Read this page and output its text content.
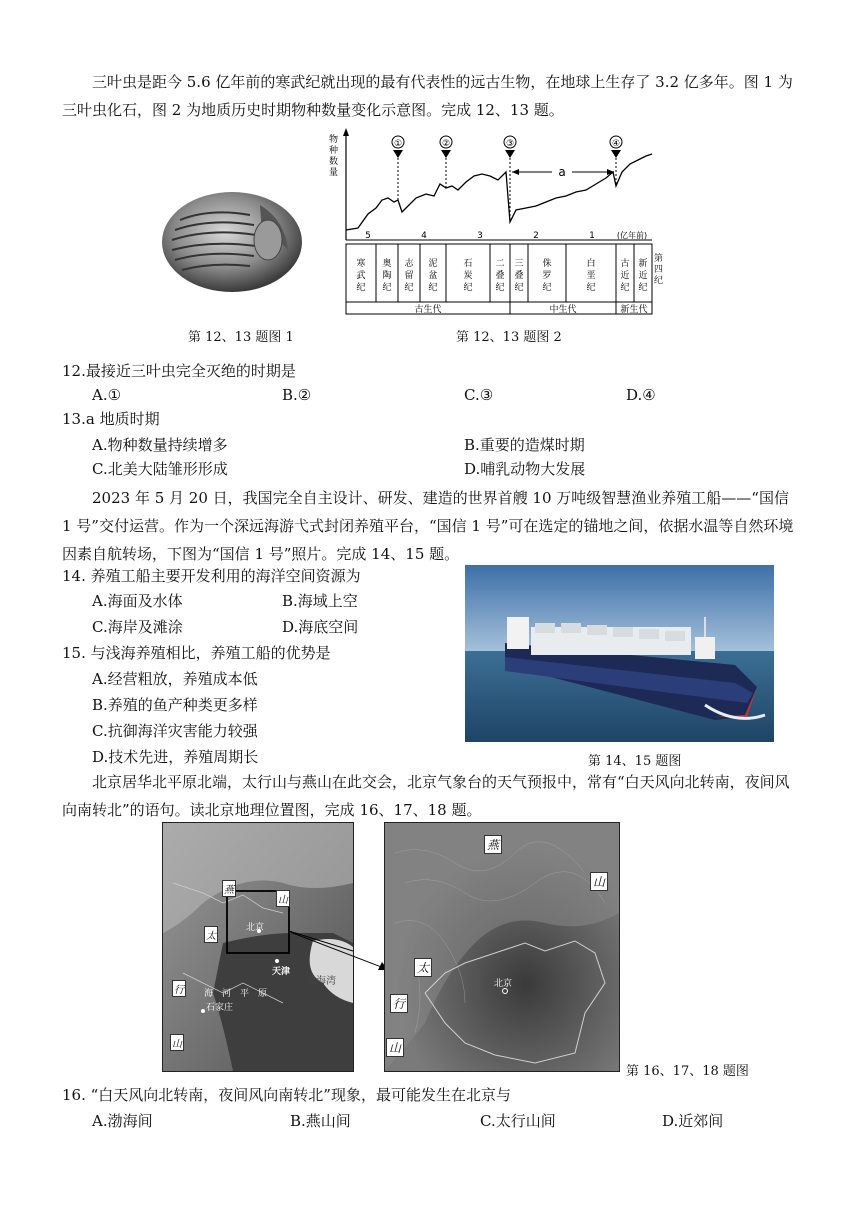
三叶虫是距今 5.6 亿年前的寒武纪就出现的最有代表性的远古生物，在地球上生存了 3.2 亿多年。图 1 为三叶虫化石，图 2 为地质历史时期物种数量变化示意图。完成 12、13 题。
第 12、13 题图 1
物
种
数
量
①	②	③	④
a
5	4	3	2	1	(亿年前)
寒
武
纪
奥
陶
纪
志
留
纪
泥
盆
纪
石
炭
纪
二
叠
纪
三
叠
纪
侏
罗
纪
白
垩
纪
古
近
纪
新
近
纪
古生代	中生代	新生代
第
四
纪
第 12、13 题图 2
12.最接近三叶虫完全灭绝的时期是
A.①	B.②	C.③	D.④
13.a 地质时期
A.物种数量持续增多	B.重要的造煤时期
C.北美大陆雏形形成	D.哺乳动物大发展
2023 年 5 月 20 日，我国完全自主设计、研发、建造的世界首艘 10 万吨级智慧渔业养殖工船——“国信 1 号”交付运营。作为一个深远海游弋式封闭养殖平台，“国信 1 号”可在选定的锚地之间，依据水温等自然环境因素自航转场，下图为“国信 1 号”照片。完成 14、15 题。
14. 养殖工船主要开发利用的海洋空间资源为
A.海面及水体	B.海域上空
C.海岸及滩涂	D.海底空间
15. 与浅海养殖相比，养殖工船的优势是
A.经营粗放，养殖成本低
B.养殖的鱼产种类更多样
C.抗御海洋灾害能力较强
D.技术先进，养殖周期长	第 14、15 题图
北京居华北平原北端，太行山与燕山在此交会，北京气象台的天气预报中，常有“白天风向北转南，夜间风向南转北”的语句。读北京地理位置图，完成 16、17、18 题。
燕
山
太
行
山
北京
天津
渤海湾
海　河　平　原
石家庄
燕
山
太
行
山
北京
第 16、17、18 题图
16. “白天风向北转南，夜间风向南转北”现象，最可能发生在北京与
A.渤海间	B.燕山间	C.太行山间	D.近郊间
